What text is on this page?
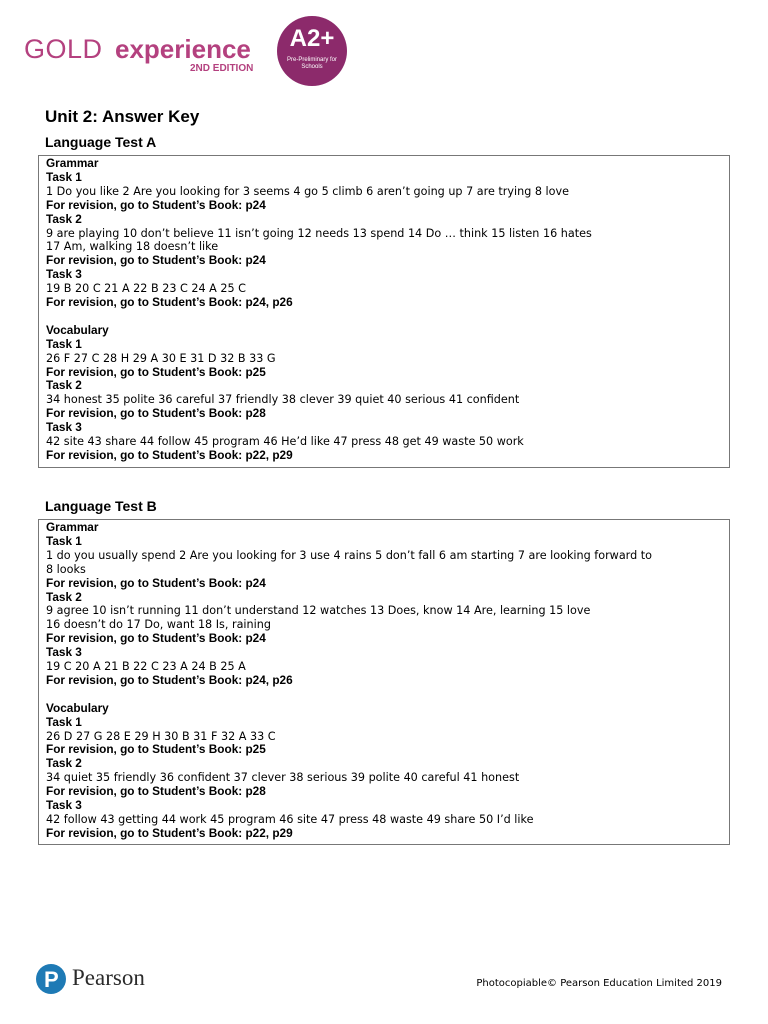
GOLD experience
2ND EDITION
A2+
Pre-Preliminary for Schools
Unit 2: Answer Key
Language Test A
Grammar
Task 1
1 Do you like 2 Are you looking for 3 seems 4 go 5 climb 6 aren’t going up 7 are trying 8 love
For revision, go to Student’s Book: p24
Task 2
9 are playing 10 don’t believe 11 isn’t going 12 needs 13 spend 14 Do … think 15 listen 16 hates
17 Am, walking 18 doesn’t like
For revision, go to Student’s Book: p24
Task 3
19 B 20 C 21 A 22 B 23 C 24 A 25 C
For revision, go to Student’s Book: p24, p26
Vocabulary
Task 1
26 F 27 C 28 H 29 A 30 E 31 D 32 B 33 G
For revision, go to Student’s Book: p25
Task 2
34 honest 35 polite 36 careful 37 friendly 38 clever 39 quiet 40 serious 41 confident
For revision, go to Student’s Book: p28
Task 3
42 site 43 share 44 follow 45 program 46 He’d like 47 press 48 get 49 waste 50 work
For revision, go to Student’s Book: p22, p29
Language Test B
Grammar
Task 1
1 do you usually spend 2 Are you looking for 3 use 4 rains 5 don’t fall 6 am starting 7 are looking forward to
8 looks
For revision, go to Student’s Book: p24
Task 2
9 agree 10 isn’t running 11 don’t understand 12 watches 13 Does, know 14 Are, learning 15 love
16 doesn’t do 17 Do, want 18 Is, raining
For revision, go to Student’s Book: p24
Task 3
19 C 20 A 21 B 22 C 23 A 24 B 25 A
For revision, go to Student’s Book: p24, p26
Vocabulary
Task 1
26 D 27 G 28 E 29 H 30 B 31 F 32 A 33 C
For revision, go to Student’s Book: p25
Task 2
34 quiet 35 friendly 36 confident 37 clever 38 serious 39 polite 40 careful 41 honest
For revision, go to Student’s Book: p28
Task 3
42 follow 43 getting 44 work 45 program 46 site 47 press 48 waste 49 share 50 I’d like
For revision, go to Student’s Book: p22, p29
P Pearson	Photocopiable© Pearson Education Limited 2019
